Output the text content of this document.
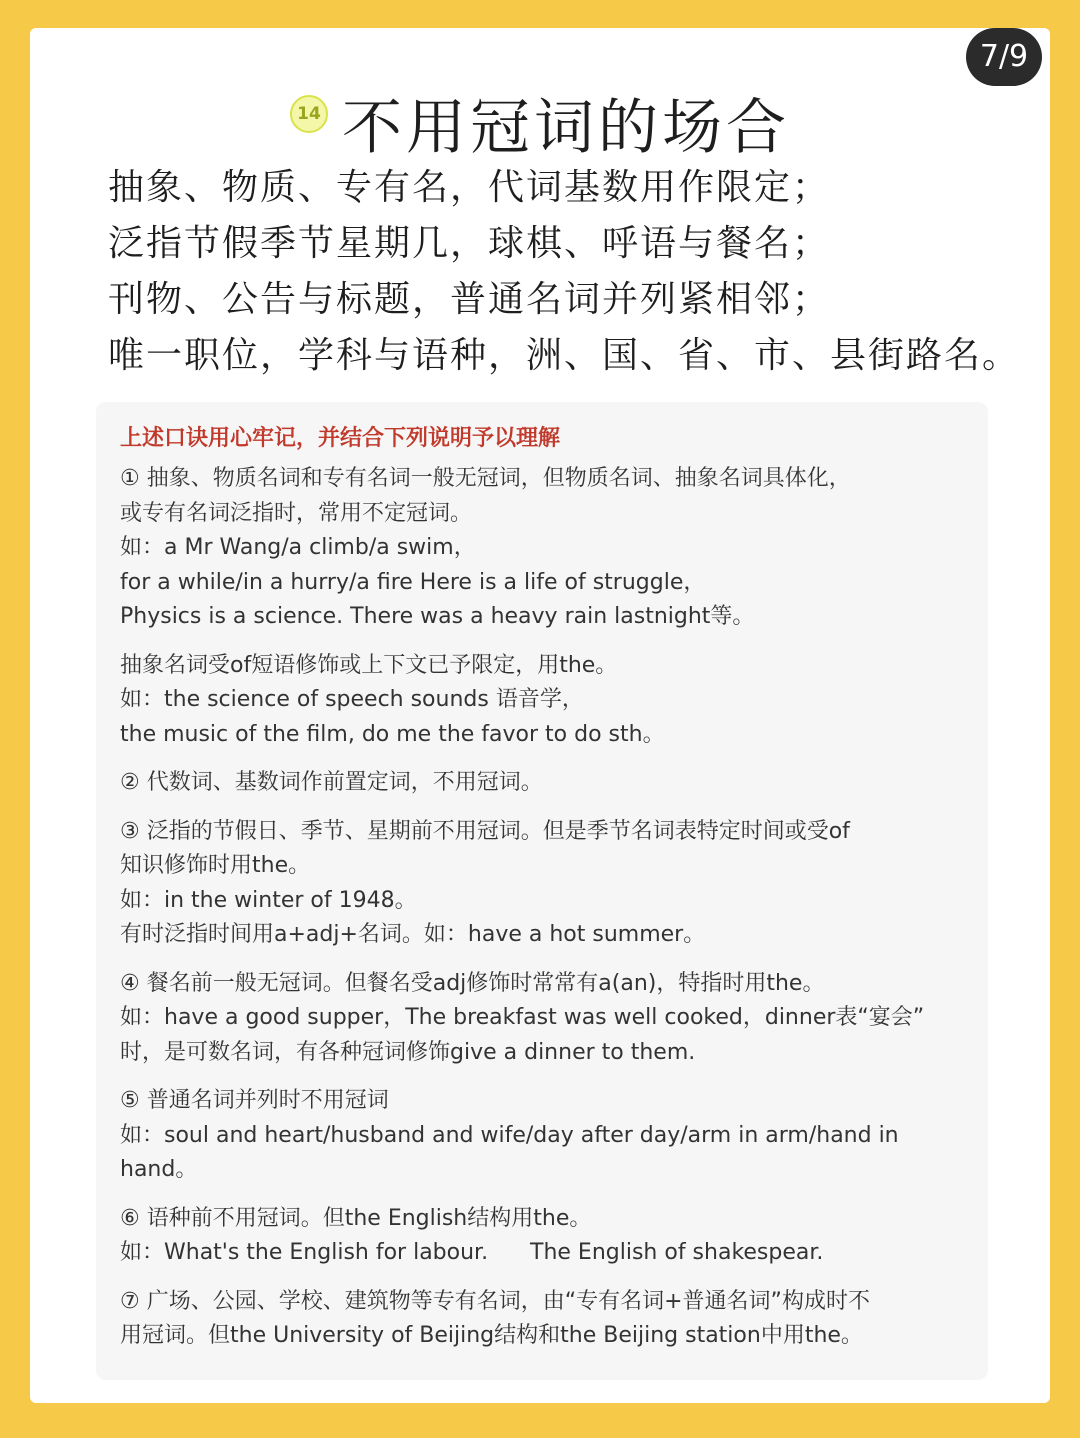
7/9
14 不用冠词的场合
抽象、物质、专有名，代词基数用作限定；
泛指节假季节星期几，球棋、呼语与餐名；
刊物、公告与标题，普通名词并列紧相邻；
唯一职位，学科与语种，洲、国、省、市、县街路名。
上述口诀用心牢记，并结合下列说明予以理解
① 抽象、物质名词和专有名词一般无冠词，但物质名词、抽象名词具体化，
或专有名词泛指时，常用不定冠词。
如：a Mr Wang/a climb/a swim，
for a while/in a hurry/a fire Here is a life of struggle，
Physics is a science. There was a heavy rain lastnight等。
抽象名词受of短语修饰或上下文已予限定，用the。
如：the science of speech sounds 语音学，
the music of the film, do me the favor to do sth。
② 代数词、基数词作前置定词，不用冠词。
③ 泛指的节假日、季节、星期前不用冠词。但是季节名词表特定时间或受of
知识修饰时用the。
如：in the winter of 1948。
有时泛指时间用a+adj+名词。如：have a hot summer。
④ 餐名前一般无冠词。但餐名受adj修饰时常常有a(an)，特指时用the。
如：have a good supper，The breakfast was well cooked，dinner表“宴会”
时，是可数名词，有各种冠词修饰give a dinner to them.
⑤ 普通名词并列时不用冠词
如：soul and heart/husband and wife/day after day/arm in arm/hand in
hand。
⑥ 语种前不用冠词。但the English结构用the。
如：What's the English for labour.      The English of shakespear.
⑦ 广场、公园、学校、建筑物等专有名词，由“专有名词+普通名词”构成时不
用冠词。但the University of Beijing结构和the Beijing station中用the。
